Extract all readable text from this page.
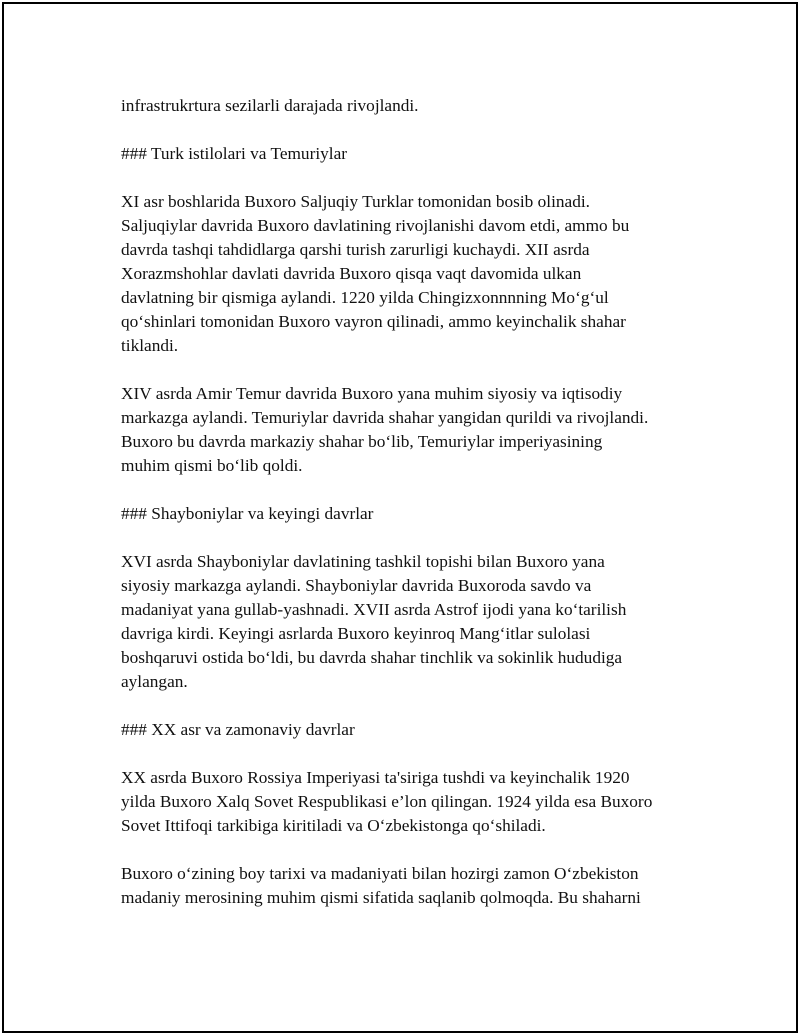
infrastrukrtura sezilarli darajada rivojlandi.

### Turk istilolari va Temuriylar

XI asr boshlarida Buxoro Saljuqiy Turklar tomonidan bosib olinadi.
Saljuqiylar davrida Buxoro davlatining rivojlanishi davom etdi, ammo bu
davrda tashqi tahdidlarga qarshi turish zarurligi kuchaydi. XII asrda
Xorazmshohlar davlati davrida Buxoro qisqa vaqt davomida ulkan
davlatning bir qismiga aylandi. 1220 yilda Chingizxonnnning Mo‘g‘ul
qo‘shinlari tomonidan Buxoro vayron qilinadi, ammo keyinchalik shahar
tiklandi.

XIV asrda Amir Temur davrida Buxoro yana muhim siyosiy va iqtisodiy
markazga aylandi. Temuriylar davrida shahar yangidan qurildi va rivojlandi.
Buxoro bu davrda markaziy shahar bo‘lib, Temuriylar imperiyasining
muhim qismi bo‘lib qoldi.

### Shayboniylar va keyingi davrlar

XVI asrda Shayboniylar davlatining tashkil topishi bilan Buxoro yana
siyosiy markazga aylandi. Shayboniylar davrida Buxoroda savdo va
madaniyat yana gullab-yashnadi. XVII asrda Astrof ijodi yana ko‘tarilish
davriga kirdi. Keyingi asrlarda Buxoro keyinroq Mang‘itlar sulolasi
boshqaruvi ostida bo‘ldi, bu davrda shahar tinchlik va sokinlik hududiga
aylangan.

### XX asr va zamonaviy davrlar

XX asrda Buxoro Rossiya Imperiyasi ta'siriga tushdi va keyinchalik 1920
yilda Buxoro Xalq Sovet Respublikasi e’lon qilingan. 1924 yilda esa Buxoro
Sovet Ittifoqi tarkibiga kiritiladi va O‘zbekistonga qo‘shiladi.

Buxoro o‘zining boy tarixi va madaniyati bilan hozirgi zamon O‘zbekiston
madaniy merosining muhim qismi sifatida saqlanib qolmoqda. Bu shaharni
